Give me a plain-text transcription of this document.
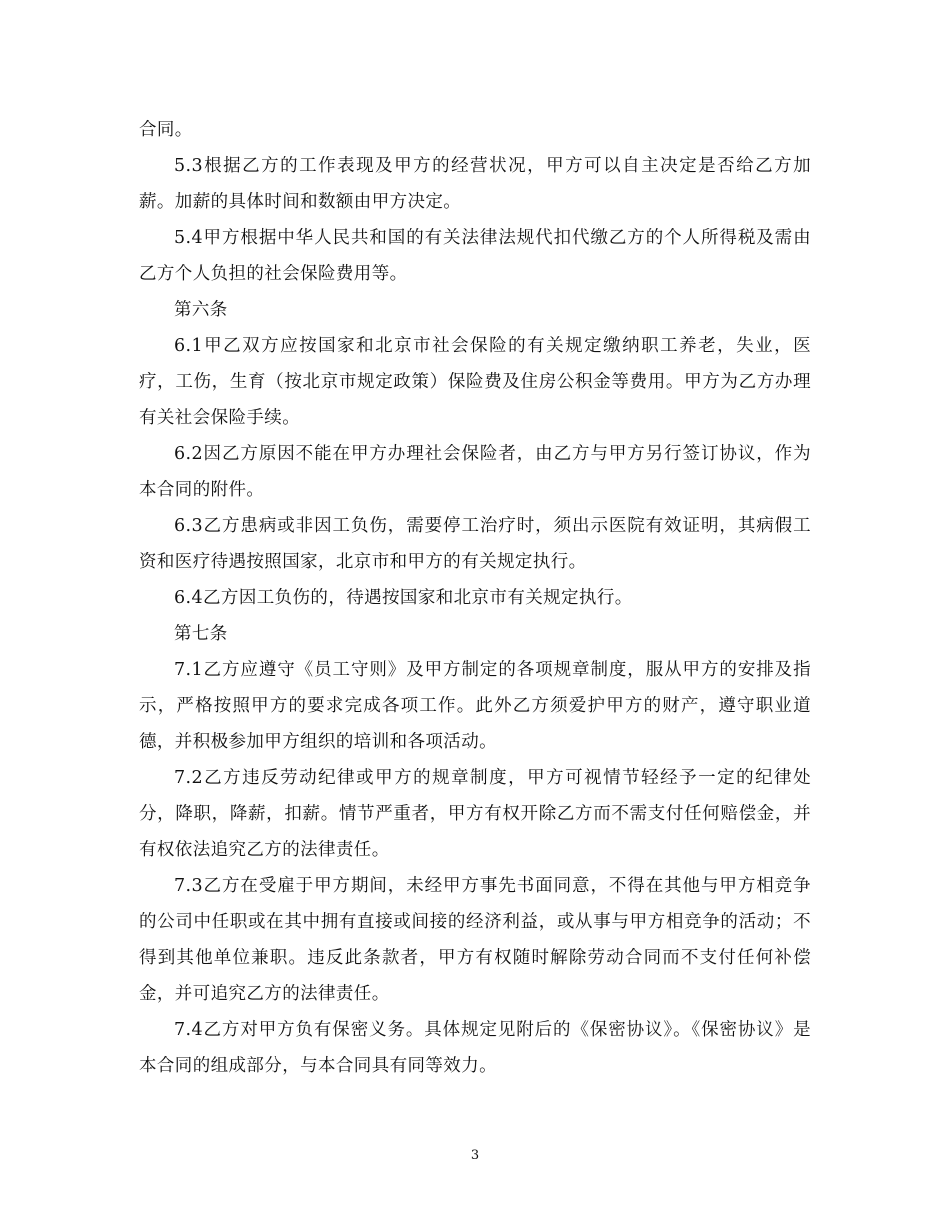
合同。

5.3根据乙方的工作表现及甲方的经营状况，甲方可以自主决定是否给乙方加薪。加薪的具体时间和数额由甲方决定。

5.4甲方根据中华人民共和国的有关法律法规代扣代缴乙方的个人所得税及需由乙方个人负担的社会保险费用等。

第六条

6.1甲乙双方应按国家和北京市社会保险的有关规定缴纳职工养老，失业，医疗，工伤，生育（按北京市规定政策）保险费及住房公积金等费用。甲方为乙方办理有关社会保险手续。

6.2因乙方原因不能在甲方办理社会保险者，由乙方与甲方另行签订协议，作为本合同的附件。

6.3乙方患病或非因工负伤，需要停工治疗时，须出示医院有效证明，其病假工资和医疗待遇按照国家，北京市和甲方的有关规定执行。

6.4乙方因工负伤的，待遇按国家和北京市有关规定执行。

第七条

7.1乙方应遵守《员工守则》及甲方制定的各项规章制度，服从甲方的安排及指示，严格按照甲方的要求完成各项工作。此外乙方须爱护甲方的财产，遵守职业道德，并积极参加甲方组织的培训和各项活动。

7.2乙方违反劳动纪律或甲方的规章制度，甲方可视情节轻经予一定的纪律处分，降职，降薪，扣薪。情节严重者，甲方有权开除乙方而不需支付任何赔偿金，并有权依法追究乙方的法律责任。

7.3乙方在受雇于甲方期间，未经甲方事先书面同意，不得在其他与甲方相竞争的公司中任职或在其中拥有直接或间接的经济利益，或从事与甲方相竞争的活动；不得到其他单位兼职。违反此条款者，甲方有权随时解除劳动合同而不支付任何补偿金，并可追究乙方的法律责任。

7.4乙方对甲方负有保密义务。具体规定见附后的《保密协议》。《保密协议》是本合同的组成部分，与本合同具有同等效力。

3
